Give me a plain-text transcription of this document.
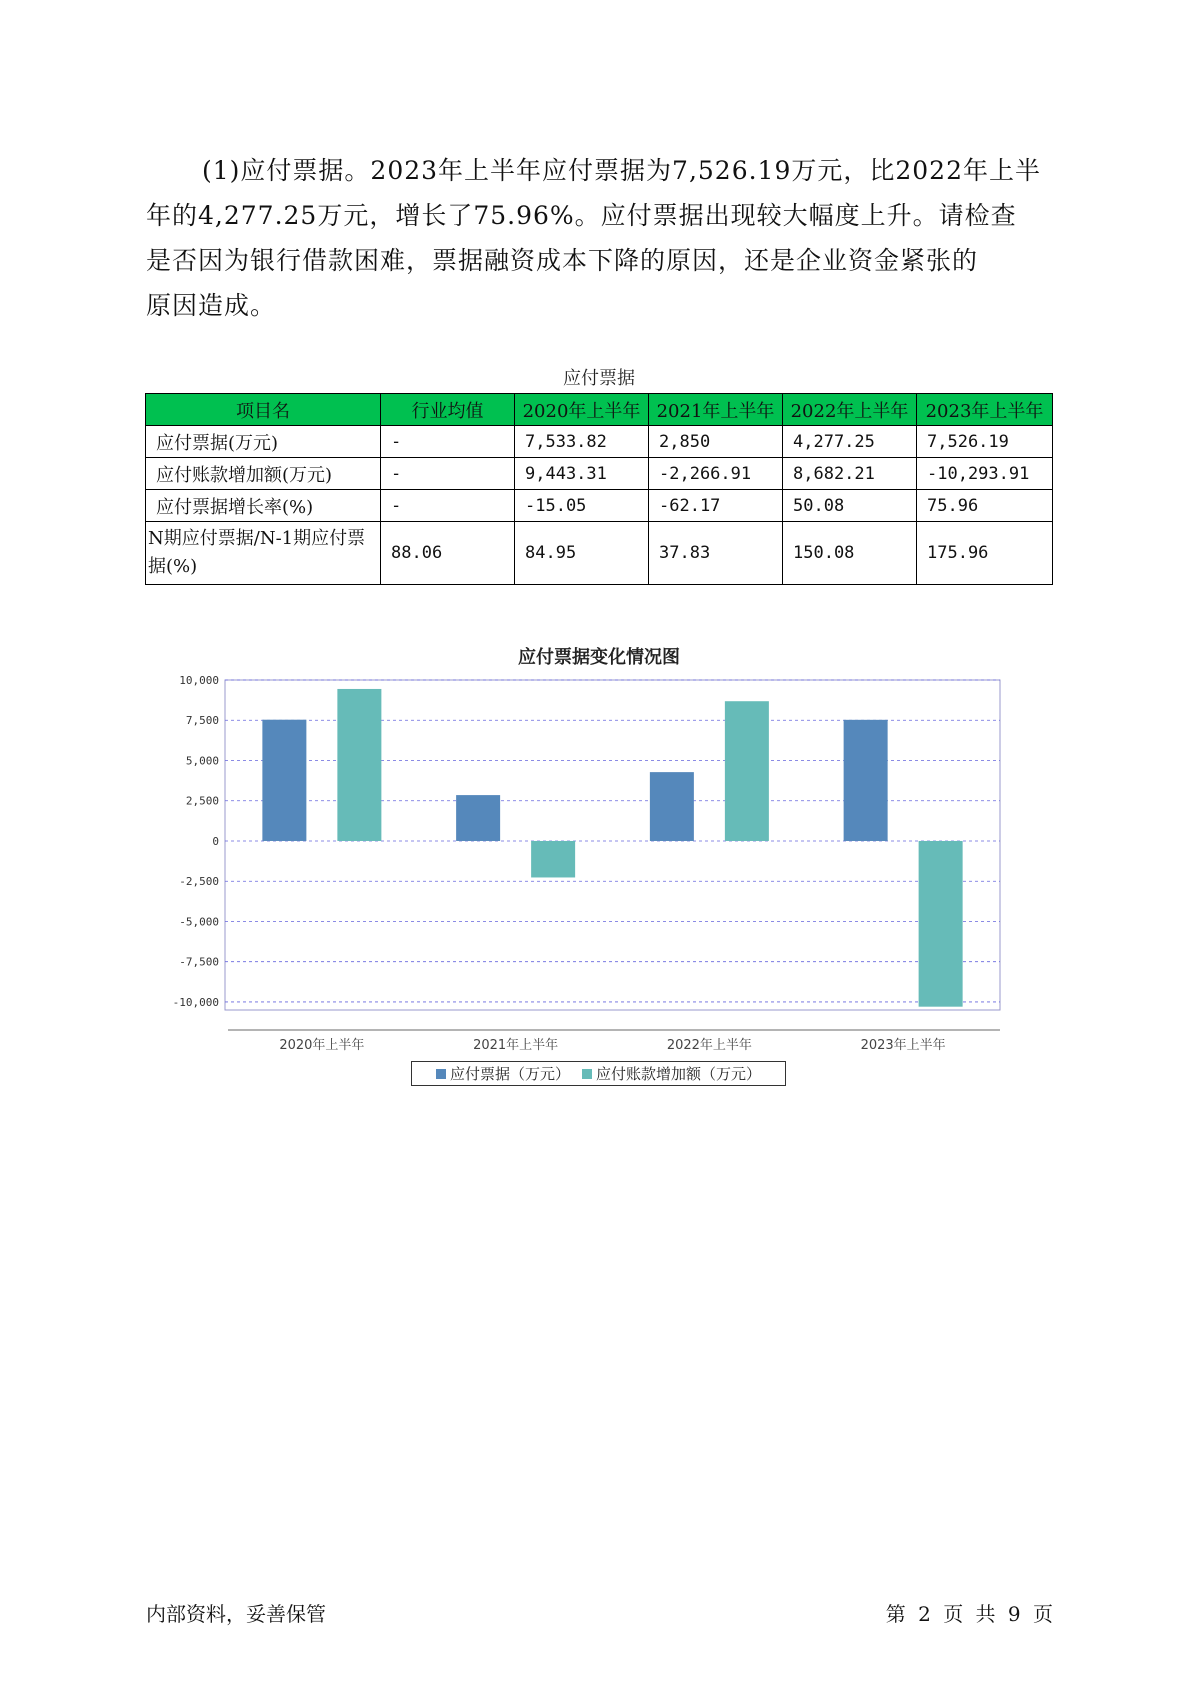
(1)应付票据。2023年上半年应付票据为7,526.19万元，比2022年上半
年的4,277.25万元，增长了75.96%。应付票据出现较大幅度上升。请检查
是否因为银行借款困难，票据融资成本下降的原因，还是企业资金紧张的
原因造成。
应付票据
项目名	行业均值	2020年上半年	2021年上半年	2022年上半年	2023年上半年
应付票据(万元)	-	7,533.82	2,850	4,277.25	7,526.19
应付账款增加额(万元)	-	9,443.31	-2,266.91	8,682.21	-10,293.91
应付票据增长率(%)	-	-15.05	-62.17	50.08	75.96
N期应付票据/N-1期应付票据(%)	88.06	84.95	37.83	150.08	175.96
应付票据变化情况图
10,000
7,500
5,000
2,500
0
-2,500
-5,000
-7,500
-10,000
2020年上半年	2021年上半年	2022年上半年	2023年上半年
应付票据（万元） 应付账款增加额（万元）
内部资料，妥善保管	第 2 页 共 9 页
